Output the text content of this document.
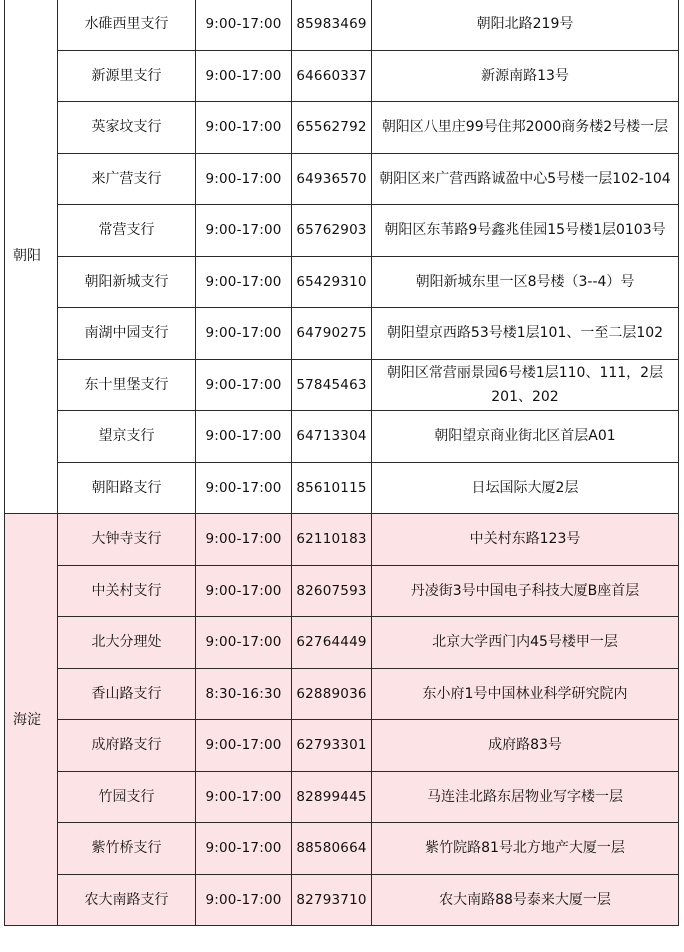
朝阳	水碓西里支行	9:00-17:00	85983469	朝阳北路219号
	新源里支行	9:00-17:00	64660337	新源南路13号
	英家坟支行	9:00-17:00	65562792	朝阳区八里庄99号住邦2000商务楼2号楼一层
	来广营支行	9:00-17:00	64936570	朝阳区来广营西路诚盈中心5号楼一层102-104
	常营支行	9:00-17:00	65762903	朝阳区东苇路9号鑫兆佳园15号楼1层0103号
	朝阳新城支行	9:00-17:00	65429310	朝阳新城东里一区8号楼（3--4）号
	南湖中园支行	9:00-17:00	64790275	朝阳望京西路53号楼1层101、一至二层102
	东十里堡支行	9:00-17:00	57845463	朝阳区常营丽景园6号楼1层110、111，2层201、202
	望京支行	9:00-17:00	64713304	朝阳望京商业街北区首层A01
	朝阳路支行	9:00-17:00	85610115	日坛国际大厦2层
海淀	大钟寺支行	9:00-17:00	62110183	中关村东路123号
	中关村支行	9:00-17:00	82607593	丹凌街3号中国电子科技大厦B座首层
	北大分理处	9:00-17:00	62764449	北京大学西门内45号楼甲一层
	香山路支行	8:30-16:30	62889036	东小府1号中国林业科学研究院内
	成府路支行	9:00-17:00	62793301	成府路83号
	竹园支行	9:00-17:00	82899445	马连洼北路东居物业写字楼一层
	紫竹桥支行	9:00-17:00	88580664	紫竹院路81号北方地产大厦一层
	农大南路支行	9:00-17:00	82793710	农大南路88号泰来大厦一层
